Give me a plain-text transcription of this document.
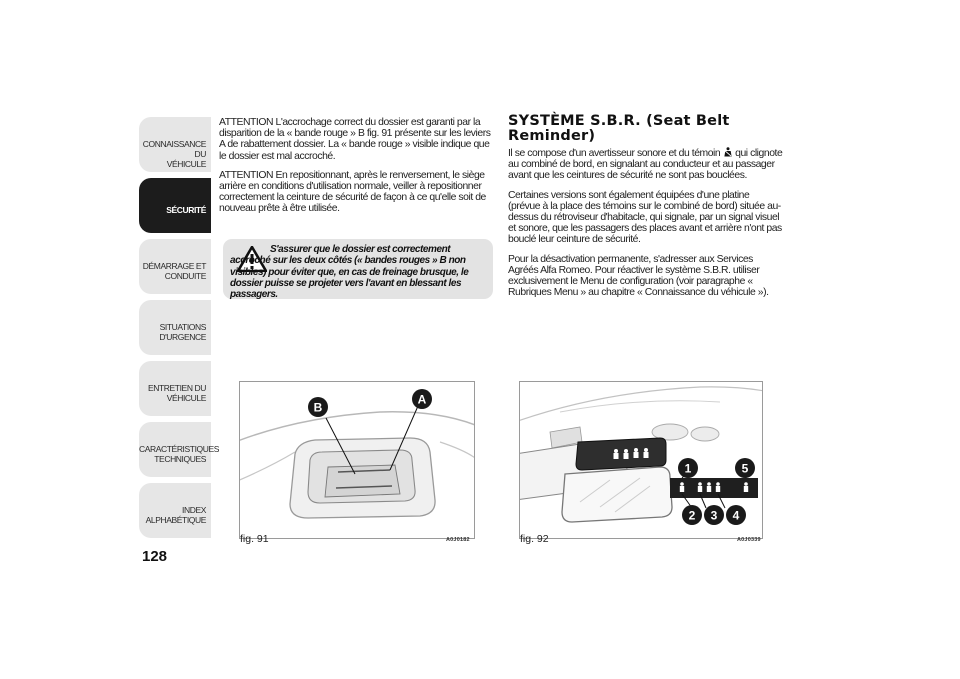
CONNAISSANCE DU
VÉHICULE
SÉCURITÉ
DÉMARRAGE ET
CONDUITE
SITUATIONS
D'URGENCE
ENTRETIEN DU
VÉHICULE
CARACTÉRISTIQUES
TECHNIQUES
INDEX
ALPHABÉTIQUE
128

ATTENTION L'accrochage correct du dossier est garanti par la disparition de la « bande rouge » B fig. 91 présente sur les leviers A de rabattement dossier. La « bande rouge » visible indique que le dossier est mal accroché.

ATTENTION En repositionnant, après le renversement, le siège arrière en conditions d'utilisation normale, veiller à repositionner correctement la ceinture de sécurité de façon à ce qu'elle soit de nouveau prête à être utilisée.

S'assurer que le dossier est correctement accroché sur les deux côtés (« bandes rouges » B non visibles) pour éviter que, en cas de freinage brusque, le dossier puisse se projeter vers l'avant en blessant les passagers.
SYSTÈME S.B.R. (Seat Belt Reminder)

Il se compose d'un avertisseur sonore et du témoin  qui clignote au combiné de bord, en signalant au conducteur et au passager avant que les ceintures de sécurité ne sont pas bouclées.

Certaines versions sont également équipées d'une platine (prévue à la place des témoins sur le combiné de bord) située au-dessus du rétroviseur d'habitacle, qui signale, par un signal visuel et sonore, que les passagers des places avant et arrière n'ont pas bouclé leur ceinture de sécurité.

Pour la désactivation permanente, s'adresser aux Services Agréés Alfa Romeo. Pour réactiver le système S.B.R. utiliser exclusivement le Menu de configuration (voir paragraphe « Rubriques Menu » au chapitre « Connaissance du véhicule »).

B
A
fig. 91	A0J0182
1	5
2 3 4
fig. 92	A0J0339
